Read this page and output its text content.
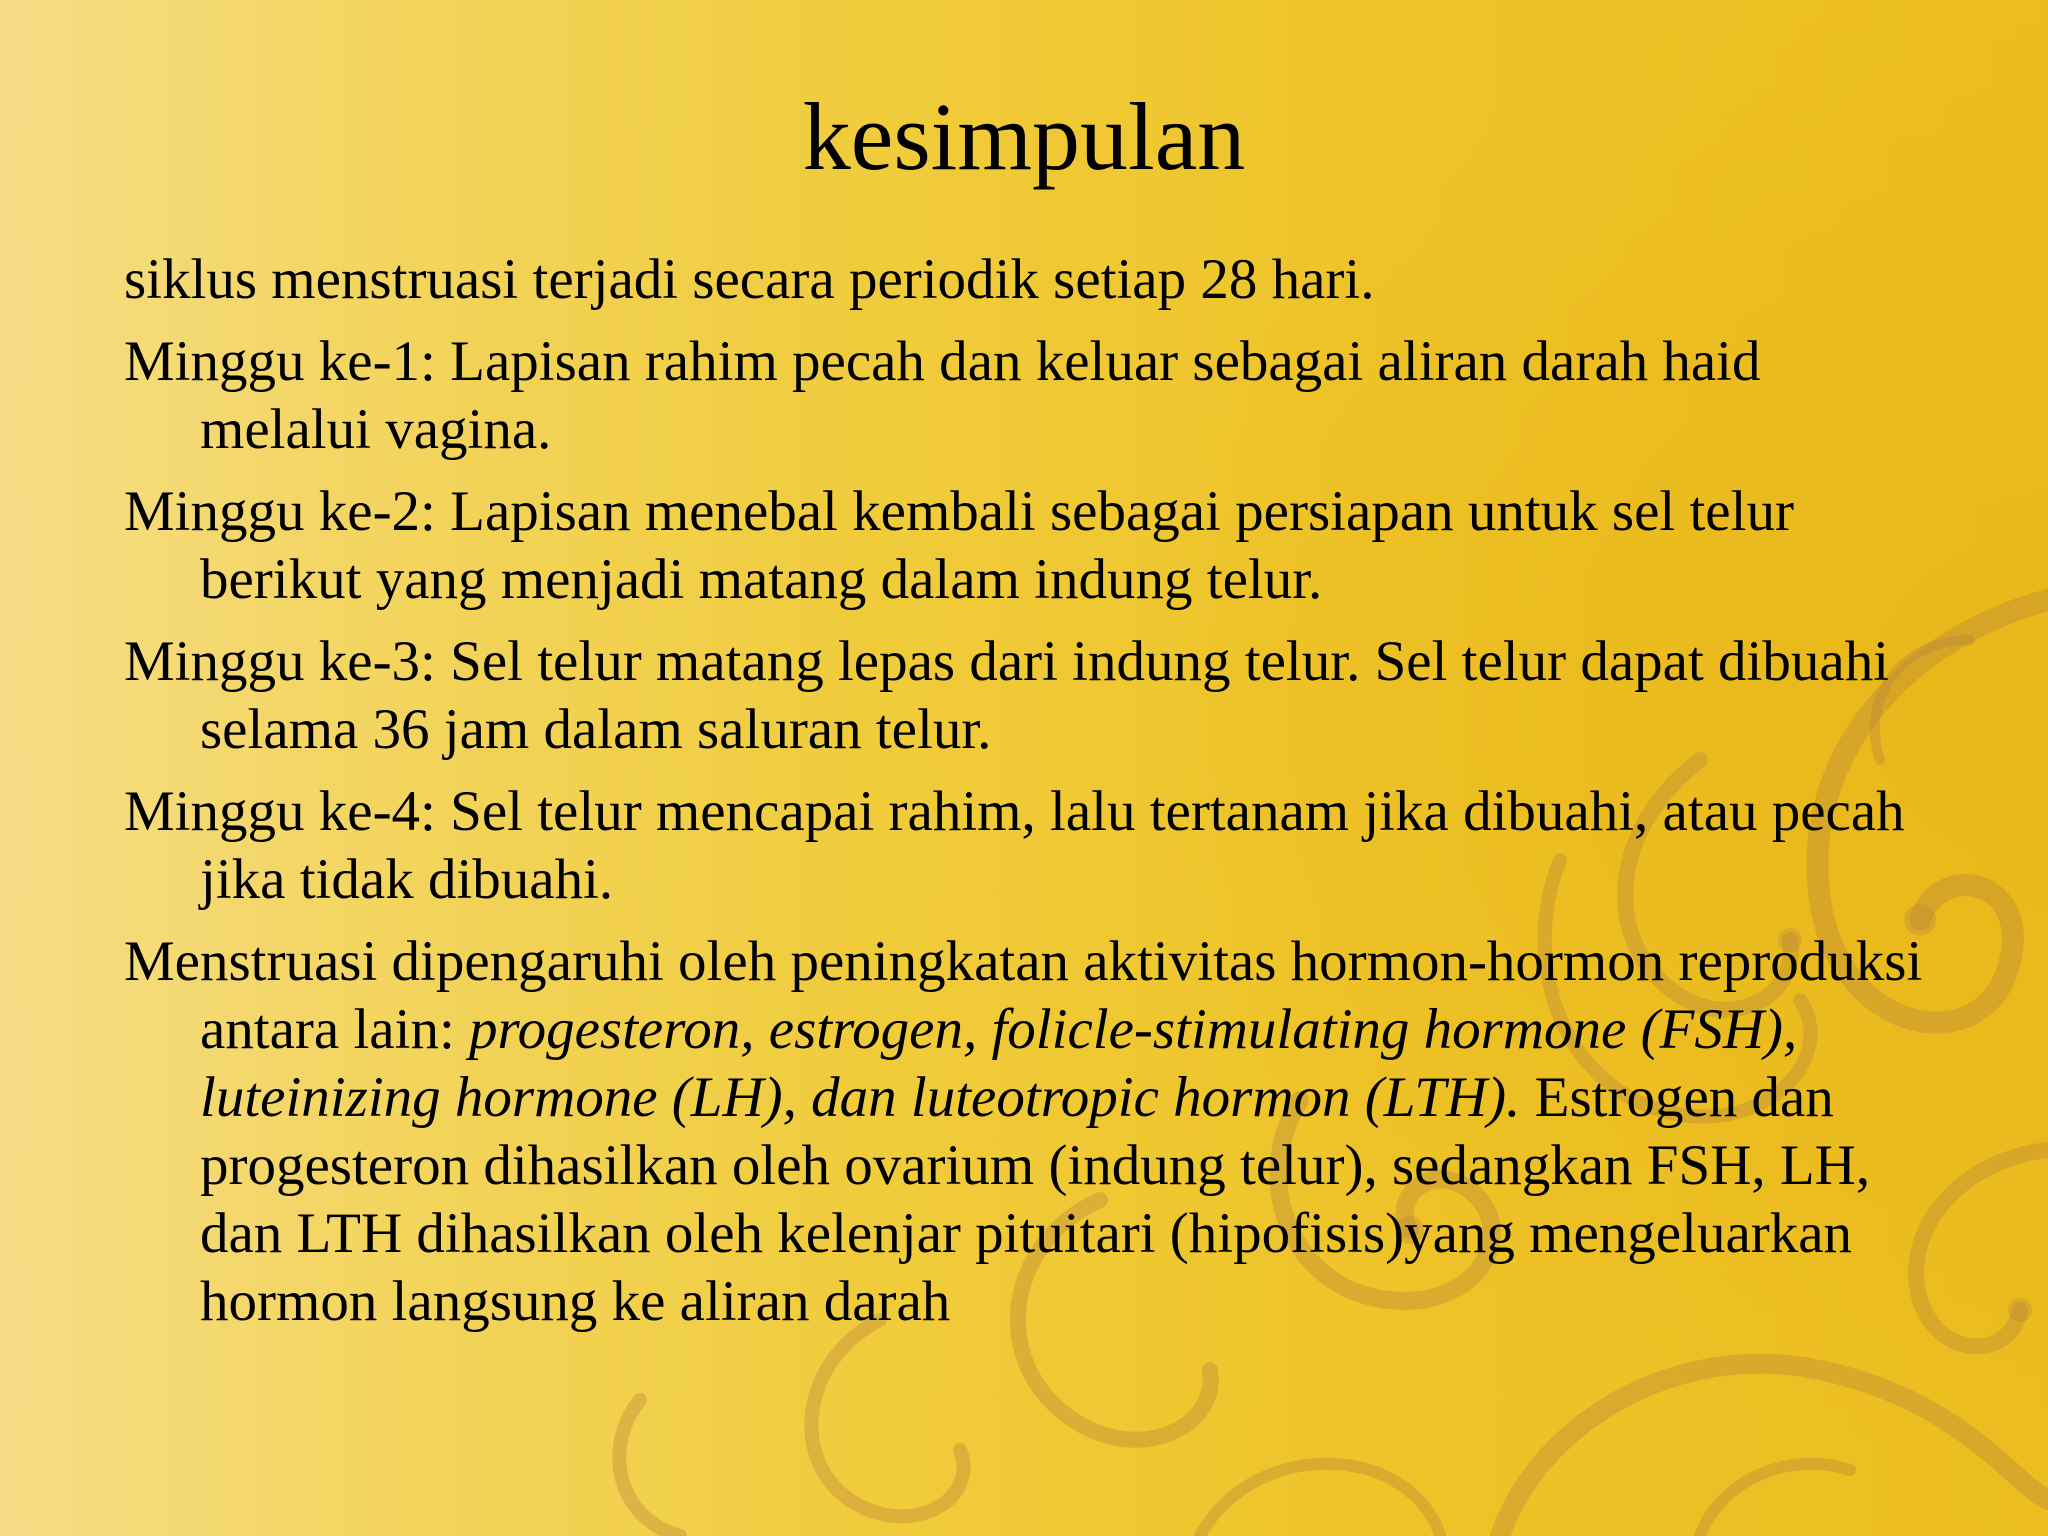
kesimpulan
siklus menstruasi terjadi secara periodik setiap 28 hari.
Minggu ke-1: Lapisan rahim pecah dan keluar sebagai aliran darah haid melalui vagina.
Minggu ke-2: Lapisan menebal kembali sebagai persiapan untuk sel telur berikut yang menjadi matang dalam indung telur.
Minggu ke-3: Sel telur matang lepas dari indung telur. Sel telur dapat dibuahi selama 36 jam dalam saluran telur.
Minggu ke-4: Sel telur mencapai rahim, lalu tertanam jika dibuahi, atau pecah jika tidak dibuahi.
Menstruasi dipengaruhi oleh peningkatan aktivitas hormon-hormon reproduksi antara lain: progesteron, estrogen, folicle-stimulating hormone (FSH), luteinizing hormone (LH), dan luteotropic hormon (LTH). Estrogen dan progesteron dihasilkan oleh ovarium (indung telur), sedangkan FSH, LH, dan LTH dihasilkan oleh kelenjar pituitari (hipofisis)yang mengeluarkan hormon langsung ke aliran darah
